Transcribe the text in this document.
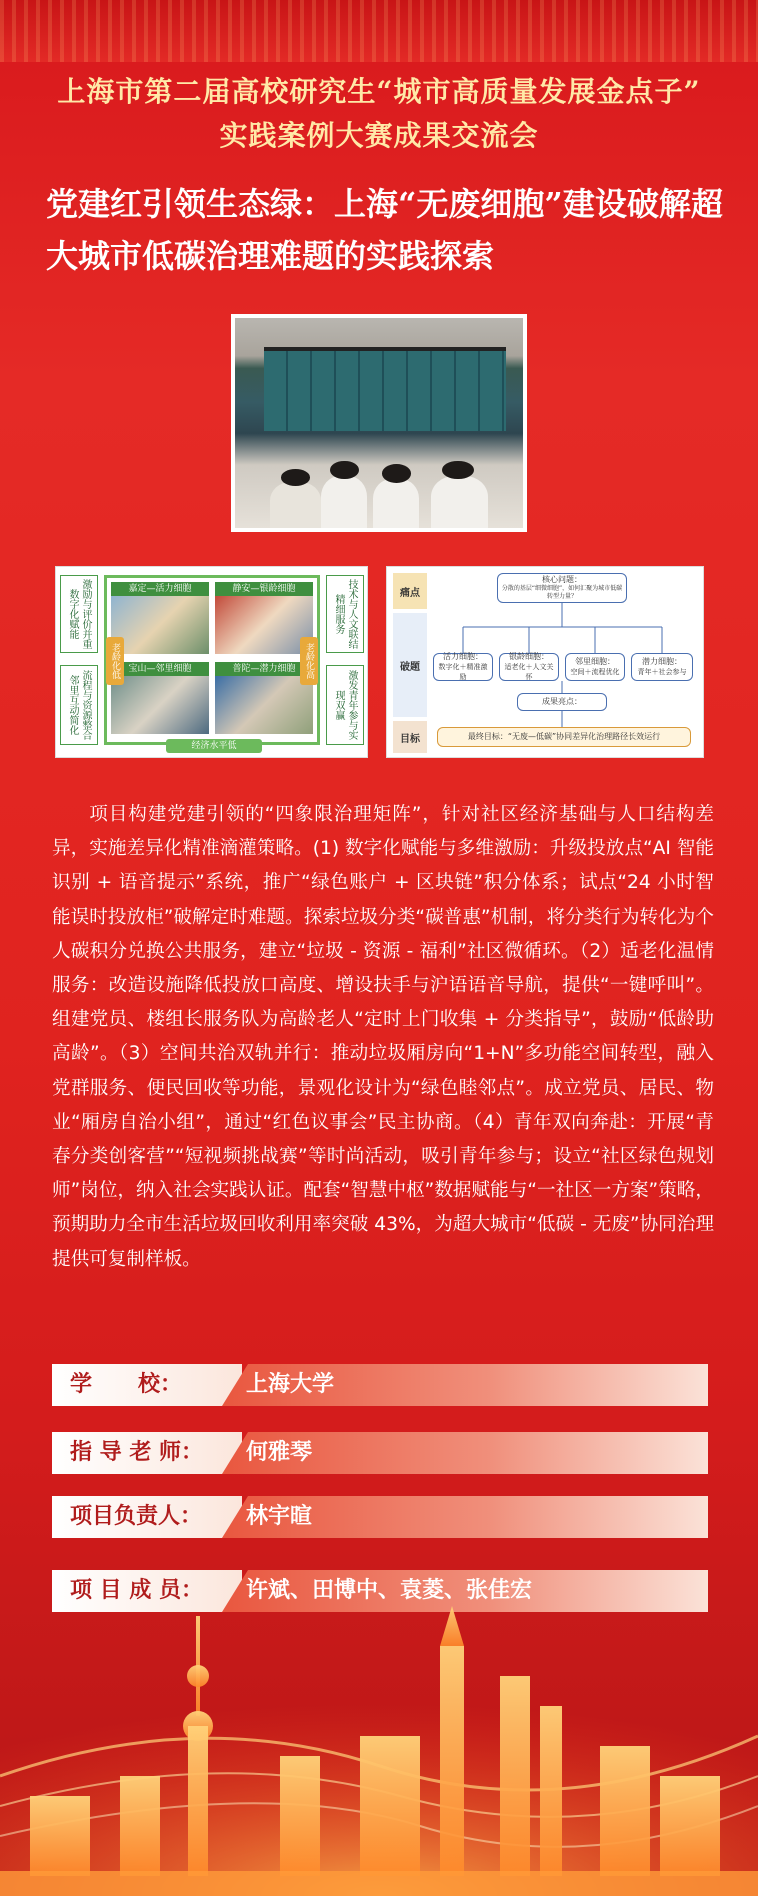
上海市第二届高校研究生“城市高质量发展金点子”
实践案例大赛成果交流会
党建红引领生态绿：上海“无废细胞”建设破解超大城市低碳治理难题的实践探索
激励与评价并重数字化赋能
流程与资源整合邻里互动简化
技术与人文联结精细服务
激发青年参与实现双赢
嘉定—活力细胞	静安—银龄细胞
宝山—邻里细胞	普陀—潜力细胞
老龄化低	老龄化高
经济水平低
痛点
破题
目标
核心问题：
分散的基层“细微细胞”，如何汇聚为城市低碳转型力量？
活力细胞：
数字化＋精准激励
银龄细胞：
适老化＋人文关怀
邻里细胞：
空间＋流程优化
潜力细胞：
青年＋社会参与
成果亮点：
最终目标：“无废—低碳”协同差异化治理路径长效运行
项目构建党建引领的“四象限治理矩阵”，针对社区经济基础与人口结构差异，实施差异化精准滴灌策略。(1) 数字化赋能与多维激励：升级投放点“AI 智能识别 + 语音提示”系统，推广“绿色账户 + 区块链”积分体系；试点“24 小时智能误时投放柜”破解定时难题。探索垃圾分类“碳普惠”机制，将分类行为转化为个人碳积分兑换公共服务，建立“垃圾 - 资源 - 福利”社区微循环。（2）适老化温情服务：改造设施降低投放口高度、增设扶手与沪语语音导航，提供“一键呼叫”。组建党员、楼组长服务队为高龄老人“定时上门收集 + 分类指导”，鼓励“低龄助高龄”。（3）空间共治双轨并行：推动垃圾厢房向“1+N”多功能空间转型，融入党群服务、便民回收等功能，景观化设计为“绿色睦邻点”。成立党员、居民、物业“厢房自治小组”，通过“红色议事会”民主协商。（4）青年双向奔赴：开展“青春分类创客营”“短视频挑战赛”等时尚活动，吸引青年参与；设立“社区绿色规划师”岗位，纳入社会实践认证。配套“智慧中枢”数据赋能与“一社区一方案”策略，预期助力全市生活垃圾回收利用率突破 43%，为超大城市“低碳 - 无废”协同治理提供可复制样板。
学      校：	上海大学
指 导 老 师： 何雅琴
项目负责人： 林宇暄
项 目 成 员： 许斌、田博中、袁菱、张佳宏
